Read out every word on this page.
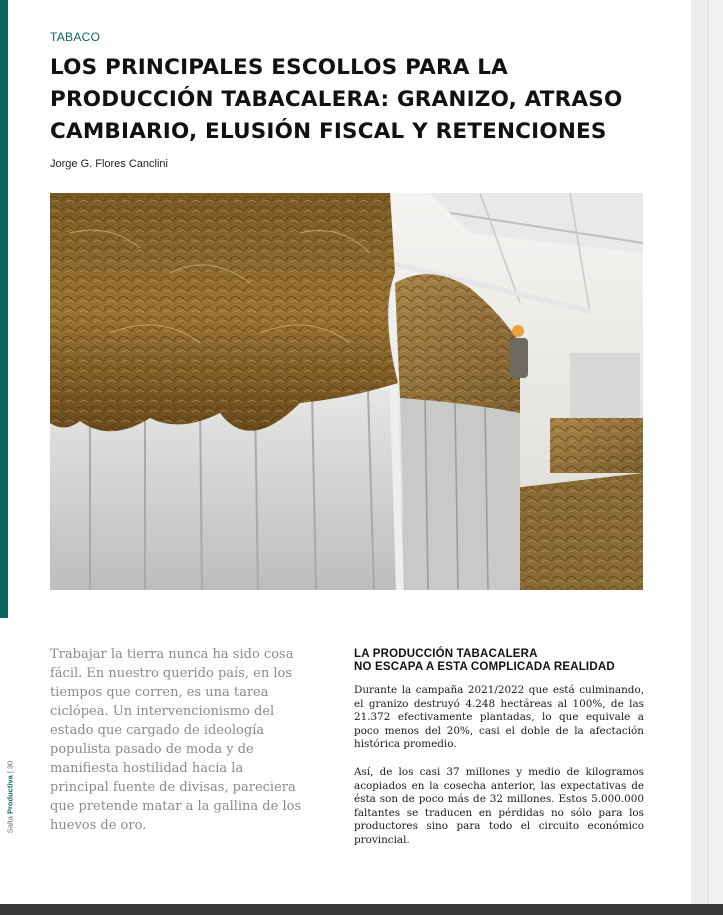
TABACO
LOS PRINCIPALES ESCOLLOS PARA LA PRODUCCIÓN TABACALERA: GRANIZO, ATRASO CAMBIARIO, ELUSIÓN FISCAL Y RETENCIONES
Jorge G. Flores Canclini
Trabajar la tierra nunca ha sido cosa fácil. En nuestro querido país, en los tiempos que corren, es una tarea ciclópea. Un intervencionismo del estado que cargado de ideología populista pasado de moda y de manifiesta hostilidad hacia la principal fuente de divisas, pareciera que pretende matar a la gallina de los huevos de oro.
LA PRODUCCIÓN TABACALERA
NO ESCAPA A ESTA COMPLICADA REALIDAD

Durante la campaña 2021/2022 que está culminando, el granizo destruyó 4.248 hectáreas al 100%, de las 21.372 efectivamente plantadas, lo que equivale a poco menos del 20%, casi el doble de la afectación histórica promedio.

Así, de los casi 37 millones y medio de kilogramos acopiados en la cosecha anterior, las expectativas de ésta son de poco más de 32 millones. Estos 5.000.000 faltantes se traducen en pérdidas no sólo para los productores sino para todo el circuito económico provincial.

Salta Productiva | 30
